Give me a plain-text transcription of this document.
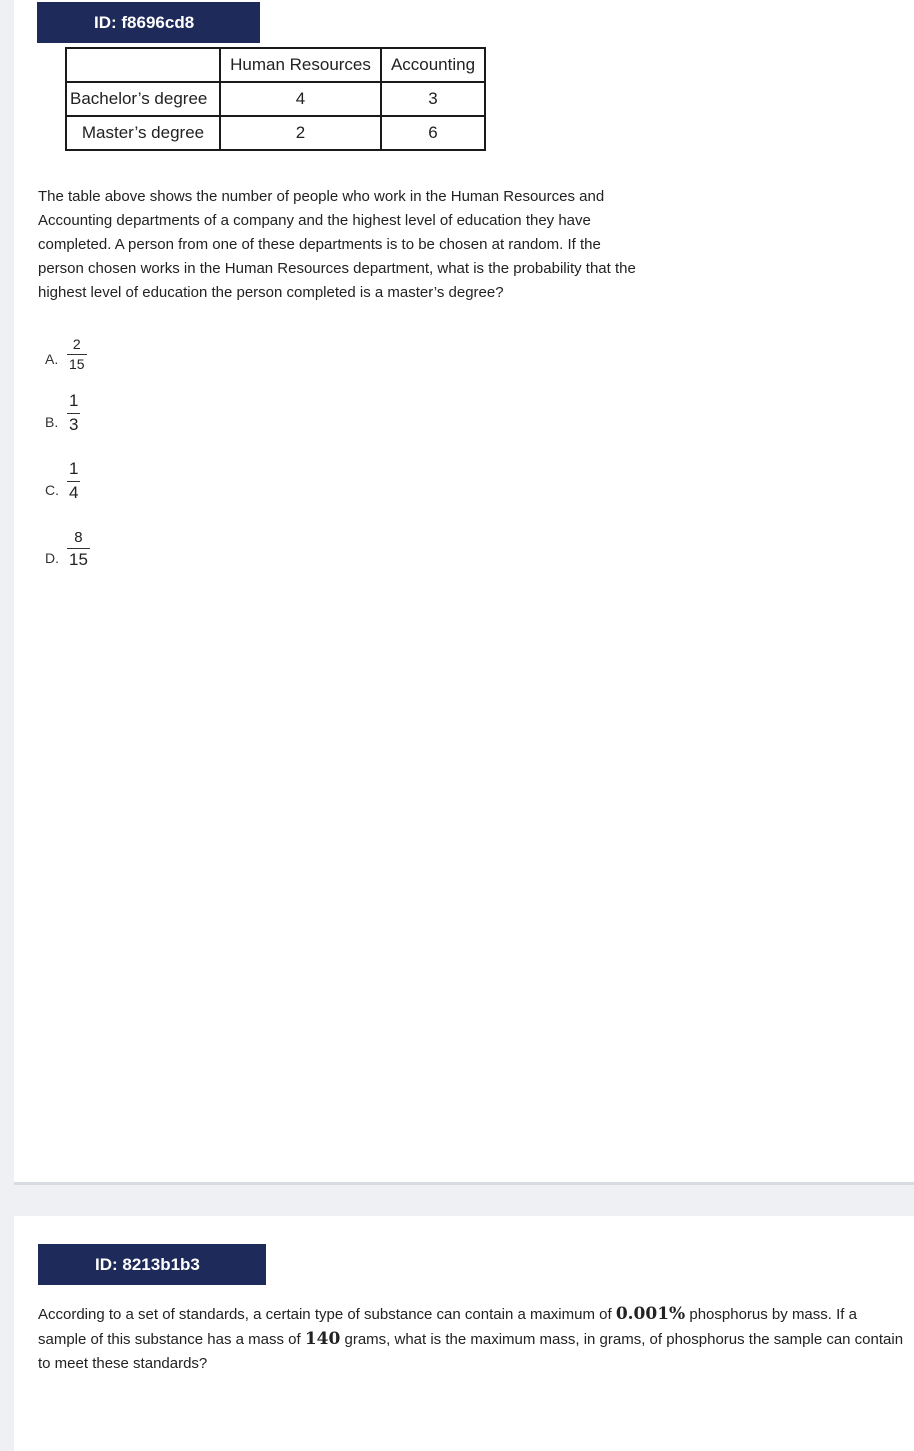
ID: f8696cd8
	Human Resources	Accounting
Bachelor’s degree	4	3
Master’s degree	2	6
The table above shows the number of people who work in the Human Resources and Accounting departments of a company and the highest level of education they have completed. A person from one of these departments is to be chosen at random. If the person chosen works in the Human Resources department, what is the probability that the highest level of education the person completed is a master’s degree?
A. $\frac{2}{15}$
B. $\frac{1}{3}$
C. $\frac{1}{4}$
D. $\frac{8}{15}$
ID: 8213b1b3
According to a set of standards, a certain type of substance can contain a maximum of 0.001% phosphorus by mass. If a sample of this substance has a mass of 140 grams, what is the maximum mass, in grams, of phosphorus the sample can contain to meet these standards?
